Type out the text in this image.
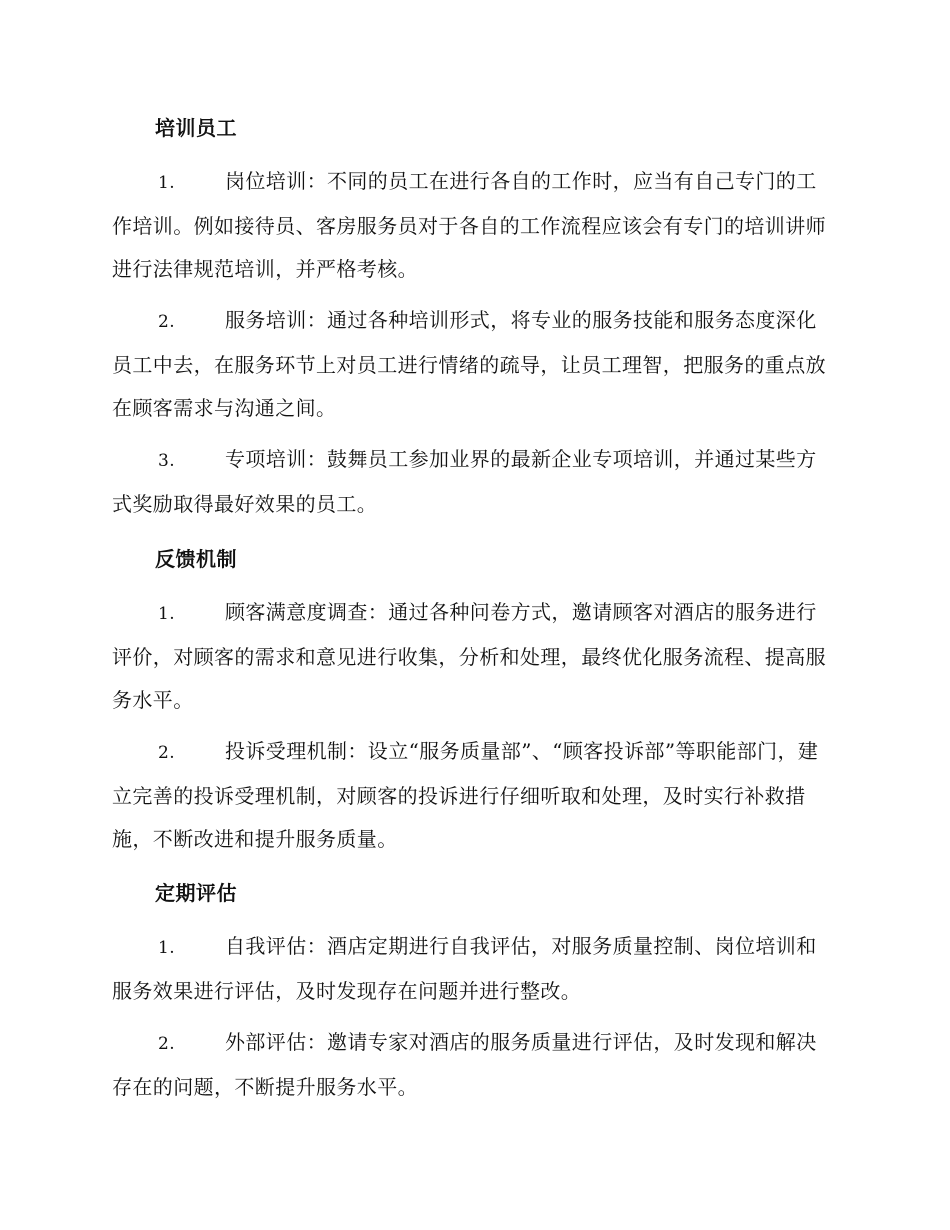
培训员工
1. 岗位培训：不同的员工在进行各自的工作时，应当有自己专门的工作培训。例如接待员、客房服务员对于各自的工作流程应该会有专门的培训讲师进行法律规范培训，并严格考核。
2. 服务培训：通过各种培训形式，将专业的服务技能和服务态度深化员工中去，在服务环节上对员工进行情绪的疏导，让员工理智，把服务的重点放在顾客需求与沟通之间。
3. 专项培训：鼓舞员工参加业界的最新企业专项培训，并通过某些方式奖励取得最好效果的员工。
反馈机制
1. 顾客满意度调查：通过各种问卷方式，邀请顾客对酒店的服务进行评价，对顾客的需求和意见进行收集，分析和处理，最终优化服务流程、提高服务水平。
2. 投诉受理机制：设立“服务质量部”、“顾客投诉部”等职能部门，建立完善的投诉受理机制，对顾客的投诉进行仔细听取和处理，及时实行补救措施，不断改进和提升服务质量。
定期评估
1. 自我评估：酒店定期进行自我评估，对服务质量控制、岗位培训和服务效果进行评估，及时发现存在问题并进行整改。
2. 外部评估：邀请专家对酒店的服务质量进行评估，及时发现和解决存在的问题，不断提升服务水平。
